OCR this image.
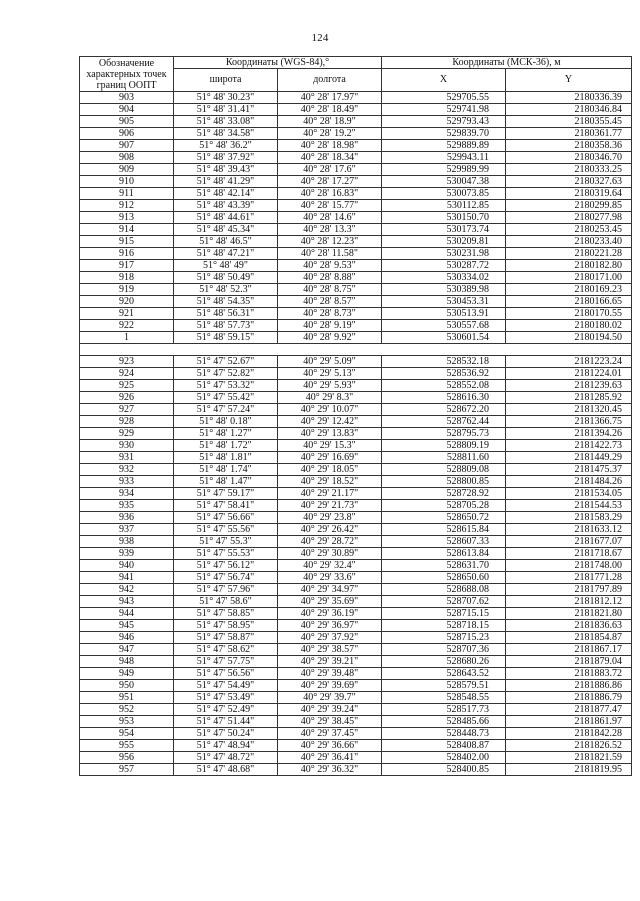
124
Обозначение характерных точек границ ООПТ	Координаты (WGS-84),°		Координаты (МСК-36), м	
	широта	долгота	X	Y
903	51° 48' 30.23"	40° 28' 17.97"	529705.55	2180336.39
904	51° 48' 31.41"	40° 28' 18.49"	529741.98	2180346.84
905	51° 48' 33.08"	40° 28' 18.9"	529793.43	2180355.45
906	51° 48' 34.58"	40° 28' 19.2"	529839.70	2180361.77
907	51° 48' 36.2"	40° 28' 18.98"	529889.89	2180358.36
908	51° 48' 37.92"	40° 28' 18.34"	529943.11	2180346.70
909	51° 48' 39.43"	40° 28' 17.6"	529989.99	2180333.25
910	51° 48' 41.29"	40° 28' 17.27"	530047.38	2180327.63
911	51° 48' 42.14"	40° 28' 16.83"	530073.85	2180319.64
912	51° 48' 43.39"	40° 28' 15.77"	530112.85	2180299.85
913	51° 48' 44.61"	40° 28' 14.6"	530150.70	2180277.98
914	51° 48' 45.34"	40° 28' 13.3"	530173.74	2180253.45
915	51° 48' 46.5"	40° 28' 12.23"	530209.81	2180233.40
916	51° 48' 47.21"	40° 28' 11.58"	530231.98	2180221.28
917	51° 48' 49"	40° 28' 9.53"	530287.72	2180182.80
918	51° 48' 50.49"	40° 28' 8.88"	530334.02	2180171.00
919	51° 48' 52.3"	40° 28' 8.75"	530389.98	2180169.23
920	51° 48' 54.35"	40° 28' 8.57"	530453.31	2180166.65
921	51° 48' 56.31"	40° 28' 8.73"	530513.91	2180170.55
922	51° 48' 57.73"	40° 28' 9.19"	530557.68	2180180.02
1	51° 48' 59.15"	40° 28' 9.92"	530601.54	2180194.50

923	51° 47' 52.67"	40° 29' 5.09"	528532.18	2181223.24
924	51° 47' 52.82"	40° 29' 5.13"	528536.92	2181224.01
925	51° 47' 53.32"	40° 29' 5.93"	528552.08	2181239.63
926	51° 47' 55.42"	40° 29' 8.3"	528616.30	2181285.92
927	51° 47' 57.24"	40° 29' 10.07"	528672.20	2181320.45
928	51° 48' 0.18"	40° 29' 12.42"	528762.44	2181366.75
929	51° 48' 1.27"	40° 29' 13.83"	528795.73	2181394.26
930	51° 48' 1.72"	40° 29' 15.3"	528809.19	2181422.73
931	51° 48' 1.81"	40° 29' 16.69"	528811.60	2181449.29
932	51° 48' 1.74"	40° 29' 18.05"	528809.08	2181475.37
933	51° 48' 1.47"	40° 29' 18.52"	528800.85	2181484.26
934	51° 47' 59.17"	40° 29' 21.17"	528728.92	2181534.05
935	51° 47' 58.41"	40° 29' 21.73"	528705.28	2181544.53
936	51° 47' 56.66"	40° 29' 23.8"	528650.72	2181583.29
937	51° 47' 55.56"	40° 29' 26.42"	528615.84	2181633.12
938	51° 47' 55.3"	40° 29' 28.72"	528607.33	2181677.07
939	51° 47' 55.53"	40° 29' 30.89"	528613.84	2181718.67
940	51° 47' 56.12"	40° 29' 32.4"	528631.70	2181748.00
941	51° 47' 56.74"	40° 29' 33.6"	528650.60	2181771.28
942	51° 47' 57.96"	40° 29' 34.97"	528688.08	2181797.89
943	51° 47' 58.6"	40° 29' 35.69"	528707.62	2181812.12
944	51° 47' 58.85"	40° 29' 36.19"	528715.15	2181821.80
945	51° 47' 58.95"	40° 29' 36.97"	528718.15	2181836.63
946	51° 47' 58.87"	40° 29' 37.92"	528715.23	2181854.87
947	51° 47' 58.62"	40° 29' 38.57"	528707.36	2181867.17
948	51° 47' 57.75"	40° 29' 39.21"	528680.26	2181879.04
949	51° 47' 56.56"	40° 29' 39.48"	528643.52	2181883.72
950	51° 47' 54.49"	40° 29' 39.69"	528579.51	2181886.86
951	51° 47' 53.49"	40° 29' 39.7"	528548.55	2181886.79
952	51° 47' 52.49"	40° 29' 39.24"	528517.73	2181877.47
953	51° 47' 51.44"	40° 29' 38.45"	528485.66	2181861.97
954	51° 47' 50.24"	40° 29' 37.45"	528448.73	2181842.28
955	51° 47' 48.94"	40° 29' 36.66"	528408.87	2181826.52
956	51° 47' 48.72"	40° 29' 36.41"	528402.00	2181821.59
957	51° 47' 48.68"	40° 29' 36.32"	528400.85	2181819.95
